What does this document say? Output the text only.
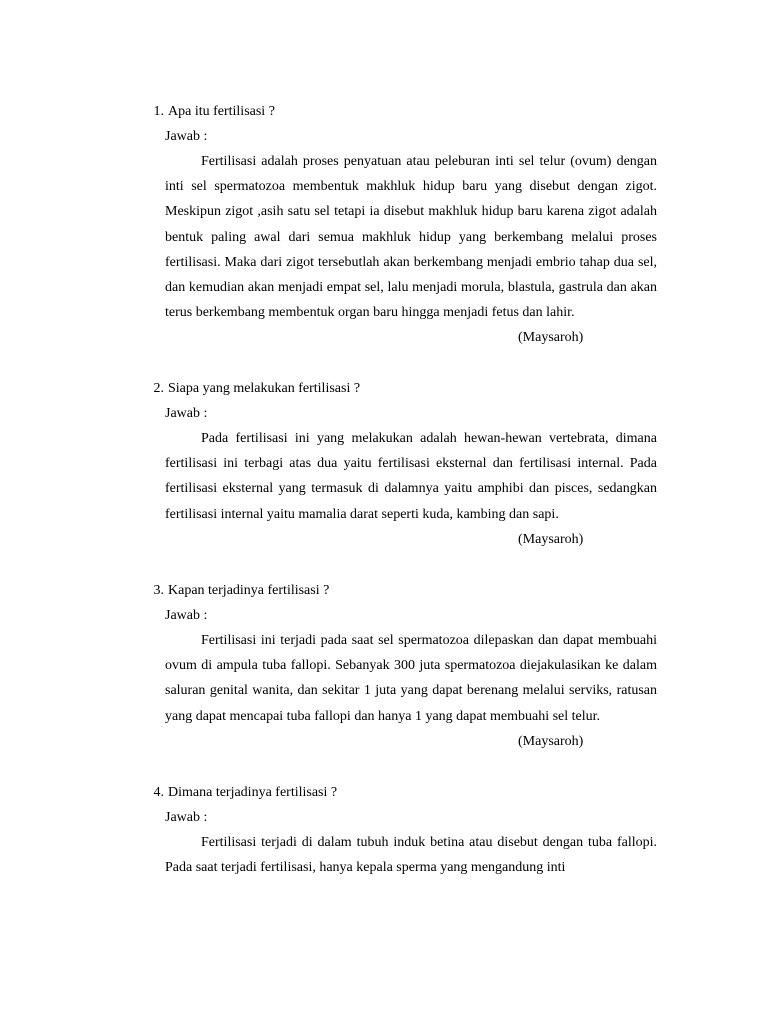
1. Apa itu fertilisasi ?
Jawab :
Fertilisasi adalah proses penyatuan atau peleburan inti sel telur (ovum) dengan inti sel spermatozoa membentuk makhluk hidup baru yang disebut dengan zigot. Meskipun zigot ,asih satu sel tetapi ia disebut makhluk hidup baru karena zigot adalah bentuk paling awal dari semua makhluk hidup yang berkembang melalui proses fertilisasi. Maka dari zigot tersebutlah akan berkembang menjadi embrio tahap dua sel, dan kemudian akan menjadi empat sel, lalu menjadi morula, blastula, gastrula dan akan terus berkembang membentuk organ baru hingga menjadi fetus dan lahir.
(Maysaroh)
2. Siapa yang melakukan fertilisasi ?
Jawab :
Pada fertilisasi ini yang melakukan adalah hewan-hewan vertebrata, dimana fertilisasi ini terbagi atas dua yaitu fertilisasi eksternal dan fertilisasi internal. Pada fertilisasi eksternal yang termasuk di dalamnya yaitu amphibi dan pisces, sedangkan fertilisasi internal yaitu mamalia darat seperti kuda, kambing dan sapi.
(Maysaroh)
3. Kapan terjadinya fertilisasi ?
Jawab :
Fertilisasi ini terjadi pada saat sel spermatozoa dilepaskan dan dapat membuahi ovum di ampula tuba fallopi. Sebanyak 300 juta spermatozoa diejakulasikan ke dalam saluran genital wanita, dan sekitar 1 juta yang dapat berenang melalui serviks, ratusan yang dapat mencapai tuba fallopi dan hanya 1 yang dapat membuahi sel telur.
(Maysaroh)
4. Dimana terjadinya fertilisasi ?
Jawab :
Fertilisasi terjadi di dalam tubuh induk betina atau disebut dengan tuba fallopi. Pada saat terjadi fertilisasi, hanya kepala sperma yang mengandung inti
